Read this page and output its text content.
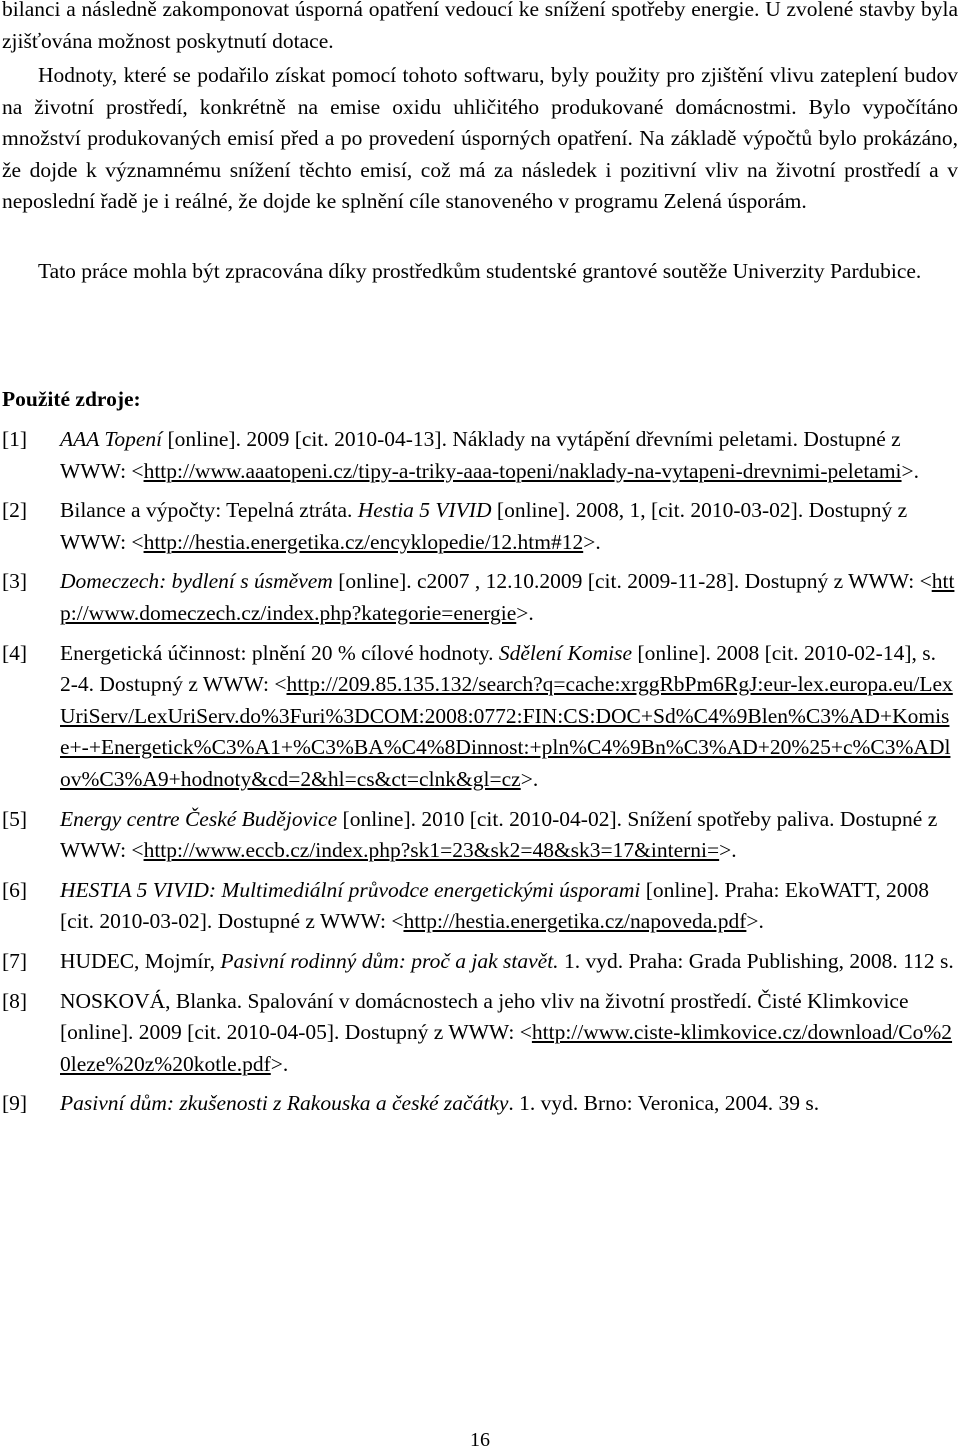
bilanci a následně zakomponovat úsporná opatření vedoucí ke snížení spotřeby energie. U zvolené stavby byla zjišťována možnost poskytnutí dotace.

Hodnoty, které se podařilo získat pomocí tohoto softwaru, byly použity pro zjištění vlivu zateplení budov na životní prostředí, konkrétně na emise oxidu uhličitého produkované domácnostmi. Bylo vypočítáno množství produkovaných emisí před a po provedení úsporných opatření. Na základě výpočtů bylo prokázáno, že dojde k významnému snížení těchto emisí, což má za následek i pozitivní vliv na životní prostředí a v neposlední řadě je i reálné, že dojde ke splnění cíle stanoveného v programu Zelená úsporám.

Tato práce mohla být zpracována díky prostředkům studentské grantové soutěže Univerzity Pardubice.

Použité zdroje:
[1]	AAA Topení [online]. 2009 [cit. 2010-04-13]. Náklady na vytápění dřevními peletami. Dostupné z WWW: <http://www.aaatopeni.cz/tipy-a-triky-aaa-topeni/naklady-na-vytapeni-drevnimi-peletami>.
[2]	Bilance a výpočty: Tepelná ztráta. Hestia 5 VIVID [online]. 2008, 1, [cit. 2010-03-02]. Dostupný z WWW: <http://hestia.energetika.cz/encyklopedie/12.htm#12>.
[3]	Domeczech: bydlení s úsměvem [online]. c2007 , 12.10.2009 [cit. 2009-11-28]. Dostupný z WWW: <http://www.domeczech.cz/index.php?kategorie=energie>.
[4]	Energetická účinnost: plnění 20 % cílové hodnoty. Sdělení Komise [online]. 2008 [cit. 2010-02-14], s. 2-4. Dostupný z WWW: <http://209.85.135.132/search?q=cache:xrggRbPm6RgJ:eur-lex.europa.eu/LexUriServ/LexUriServ.do%3Furi%3DCOM:2008:0772:FIN:CS:DOC+Sd%C4%9Blen%C3%AD+Komise+-+Energetick%C3%A1+%C3%BA%C4%8Dinnost:+pln%C4%9Bn%C3%AD+20%25+c%C3%ADlov%C3%A9+hodnoty&cd=2&hl=cs&ct=clnk&gl=cz>.
[5]	Energy centre České Budějovice [online]. 2010 [cit. 2010-04-02]. Snížení spotřeby paliva. Dostupné z WWW: <http://www.eccb.cz/index.php?sk1=23&sk2=48&sk3=17&interni=>.
[6]	HESTIA 5 VIVID: Multimediální průvodce energetickými úsporami [online]. Praha: EkoWATT, 2008 [cit. 2010-03-02]. Dostupné z WWW: <http://hestia.energetika.cz/napoveda.pdf>.
[7]	HUDEC, Mojmír, Pasivní rodinný dům: proč a jak stavět. 1. vyd. Praha: Grada Publishing, 2008. 112 s.
[8]	NOSKOVÁ, Blanka. Spalování v domácnostech a jeho vliv na životní prostředí. Čisté Klimkovice [online]. 2009 [cit. 2010-04-05]. Dostupný z WWW: <http://www.ciste-klimkovice.cz/download/Co%20leze%20z%20kotle.pdf>.
[9]	Pasivní dům: zkušenosti z Rakouska a české začátky. 1. vyd. Brno: Veronica, 2004. 39 s.
16
